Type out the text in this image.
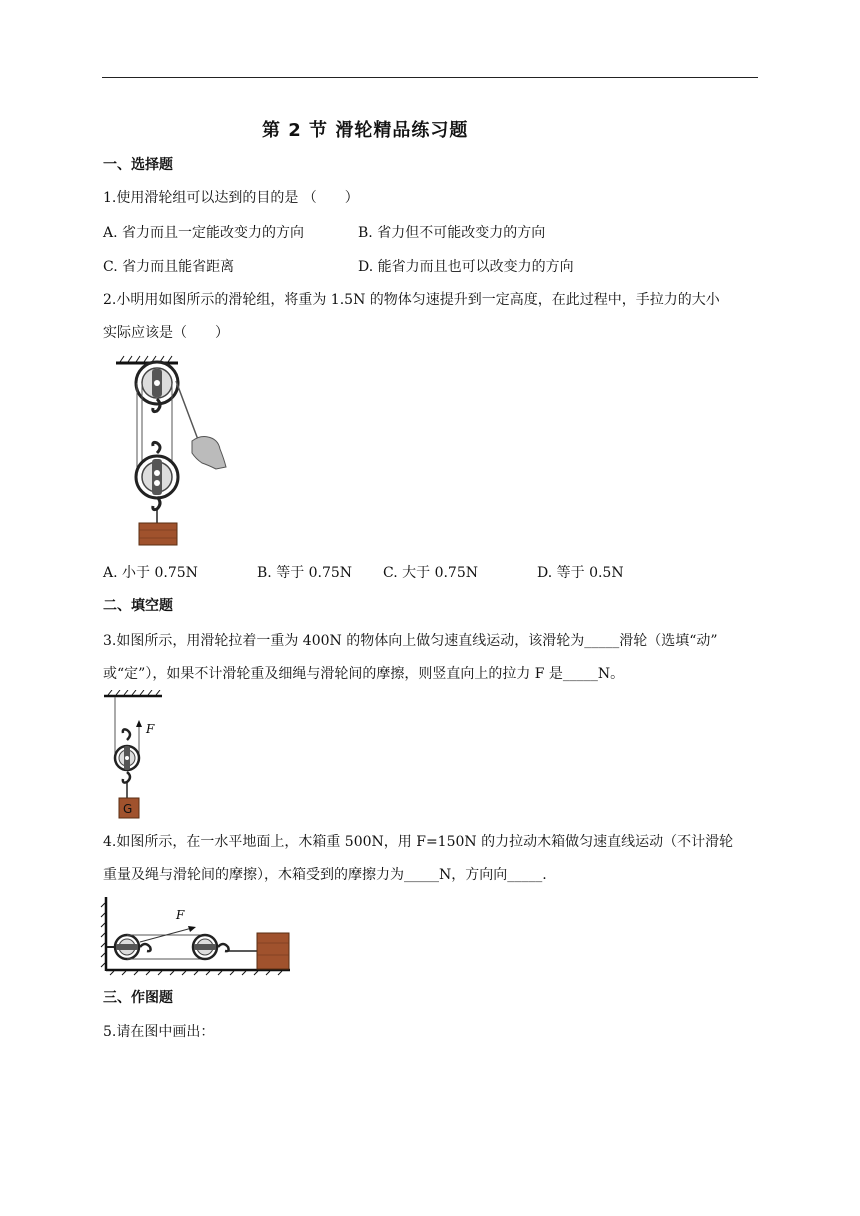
第 2 节 滑轮精品练习题
一、选择题
1.使用滑轮组可以达到的目的是 （　　）
A. 省力而且一定能改变力的方向	B. 省力但不可能改变力的方向
C. 省力而且能省距离	D. 能省力而且也可以改变力的方向
2.小明用如图所示的滑轮组，将重为 1.5N 的物体匀速提升到一定高度，在此过程中，手拉力的大小
实际应该是（　　）
A. 小于 0.75N	B. 等于 0.75N C. 大于 0.75N	D. 等于 0.5N
二、填空题
3.如图所示，用滑轮拉着一重为 400N 的物体向上做匀速直线运动，该滑轮为_____滑轮（选填“动”
或“定”），如果不计滑轮重及细绳与滑轮间的摩擦，则竖直向上的拉力 F 是_____N。
F
G
4.如图所示，在一水平地面上，木箱重 500N，用 F=150N 的力拉动木箱做匀速直线运动（不计滑轮
重量及绳与滑轮间的摩擦），木箱受到的摩擦力为_____N，方向向_____.
F
三、作图题
5.请在图中画出：
